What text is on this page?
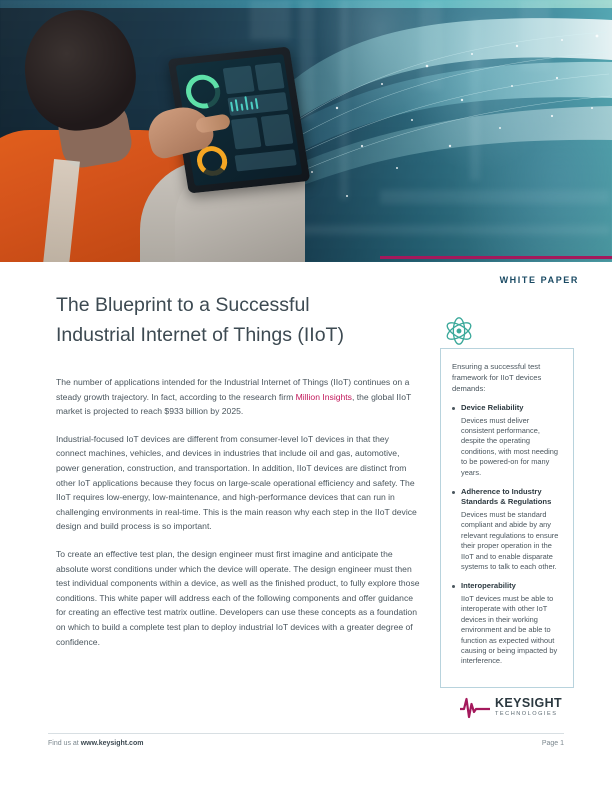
WHITE PAPER
The Blueprint to a Successful
Industrial Internet of Things (IIoT)

The number of applications intended for the Industrial Internet of Things (IIoT) continues on a steady growth trajectory. In fact, according to the research firm Million Insights, the global IIoT market is projected to reach $933 billion by 2025.

Industrial-focused IoT devices are different from consumer-level IoT devices in that they connect machines, vehicles, and devices in industries that include oil and gas, automotive, power generation, construction, and transportation. In addition, IIoT devices are distinct from other IoT applications because they focus on large-scale operational efficiency and safety. The IIoT requires low-energy, low-maintenance, and high-performance devices that can run in challenging environments in real-time. This is the main reason why each step in the IIoT device design and build process is so important.

To create an effective test plan, the design engineer must first imagine and anticipate the absolute worst conditions under which the device will operate. The design engineer must then test individual components within a device, as well as the finished product, to fully explore those conditions. This white paper will address each of the following components and offer guidance for creating an effective test matrix outline. Developers can use these concepts as a foundation on which to build a complete test plan to deploy industrial IoT devices with a greater degree of confidence.

Ensuring a successful test framework for IIoT devices demands:
Device Reliability
Devices must deliver consistent performance, despite the operating conditions, with most needing to be powered-on for many years.
Adherence to Industry Standards & Regulations
Devices must be standard compliant and abide by any relevant regulations to ensure their proper operation in the IIoT and to enable disparate systems to talk to each other.
Interoperability
IIoT devices must be able to interoperate with other IoT devices in their working environment and be able to function as expected without causing or being impacted by interference.
KEYSIGHT
TECHNOLOGIES
Find us at www.keysight.com	Page 1
